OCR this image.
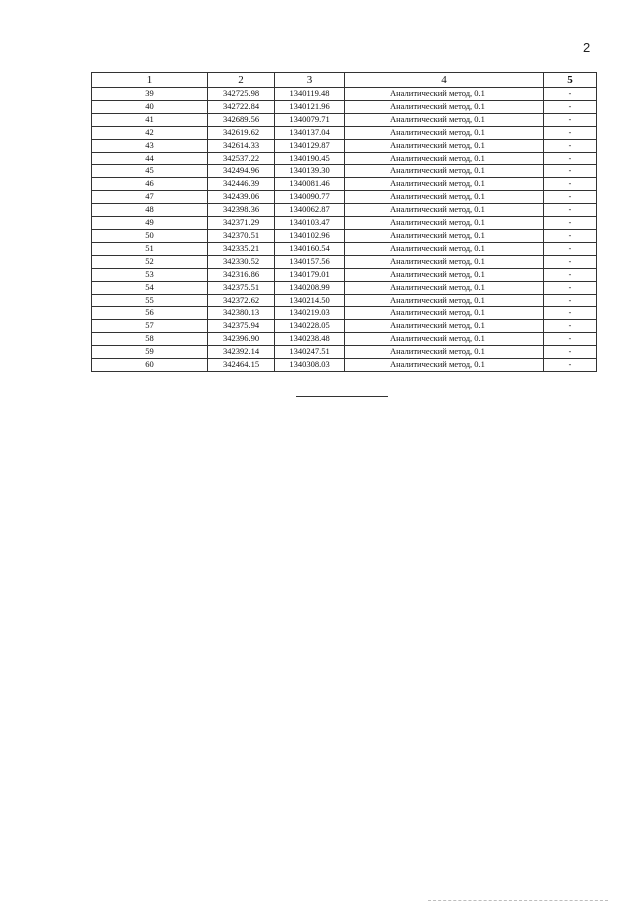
2
1	2	3	4	5
39	342725.98	1340119.48	Аналитический метод, 0.1	-
40	342722.84	1340121.96	Аналитический метод, 0.1	-
41	342689.56	1340079.71	Аналитический метод, 0.1	-
42	342619.62	1340137.04	Аналитический метод, 0.1	-
43	342614.33	1340129.87	Аналитический метод, 0.1	-
44	342537.22	1340190.45	Аналитический метод, 0.1	-
45	342494.96	1340139.30	Аналитический метод, 0.1	-
46	342446.39	1340081.46	Аналитический метод, 0.1	-
47	342439.06	1340090.77	Аналитический метод, 0.1	-
48	342398.36	1340062.87	Аналитический метод, 0.1	-
49	342371.29	1340103.47	Аналитический метод, 0.1	-
50	342370.51	1340102.96	Аналитический метод, 0.1	-
51	342335.21	1340160.54	Аналитический метод, 0.1	-
52	342330.52	1340157.56	Аналитический метод, 0.1	-
53	342316.86	1340179.01	Аналитический метод, 0.1	-
54	342375.51	1340208.99	Аналитический метод, 0.1	-
55	342372.62	1340214.50	Аналитический метод, 0.1	-
56	342380.13	1340219.03	Аналитический метод, 0.1	-
57	342375.94	1340228.05	Аналитический метод, 0.1	-
58	342396.90	1340238.48	Аналитический метод, 0.1	-
59	342392.14	1340247.51	Аналитический метод, 0.1	-
60	342464.15	1340308.03	Аналитический метод, 0.1	-
